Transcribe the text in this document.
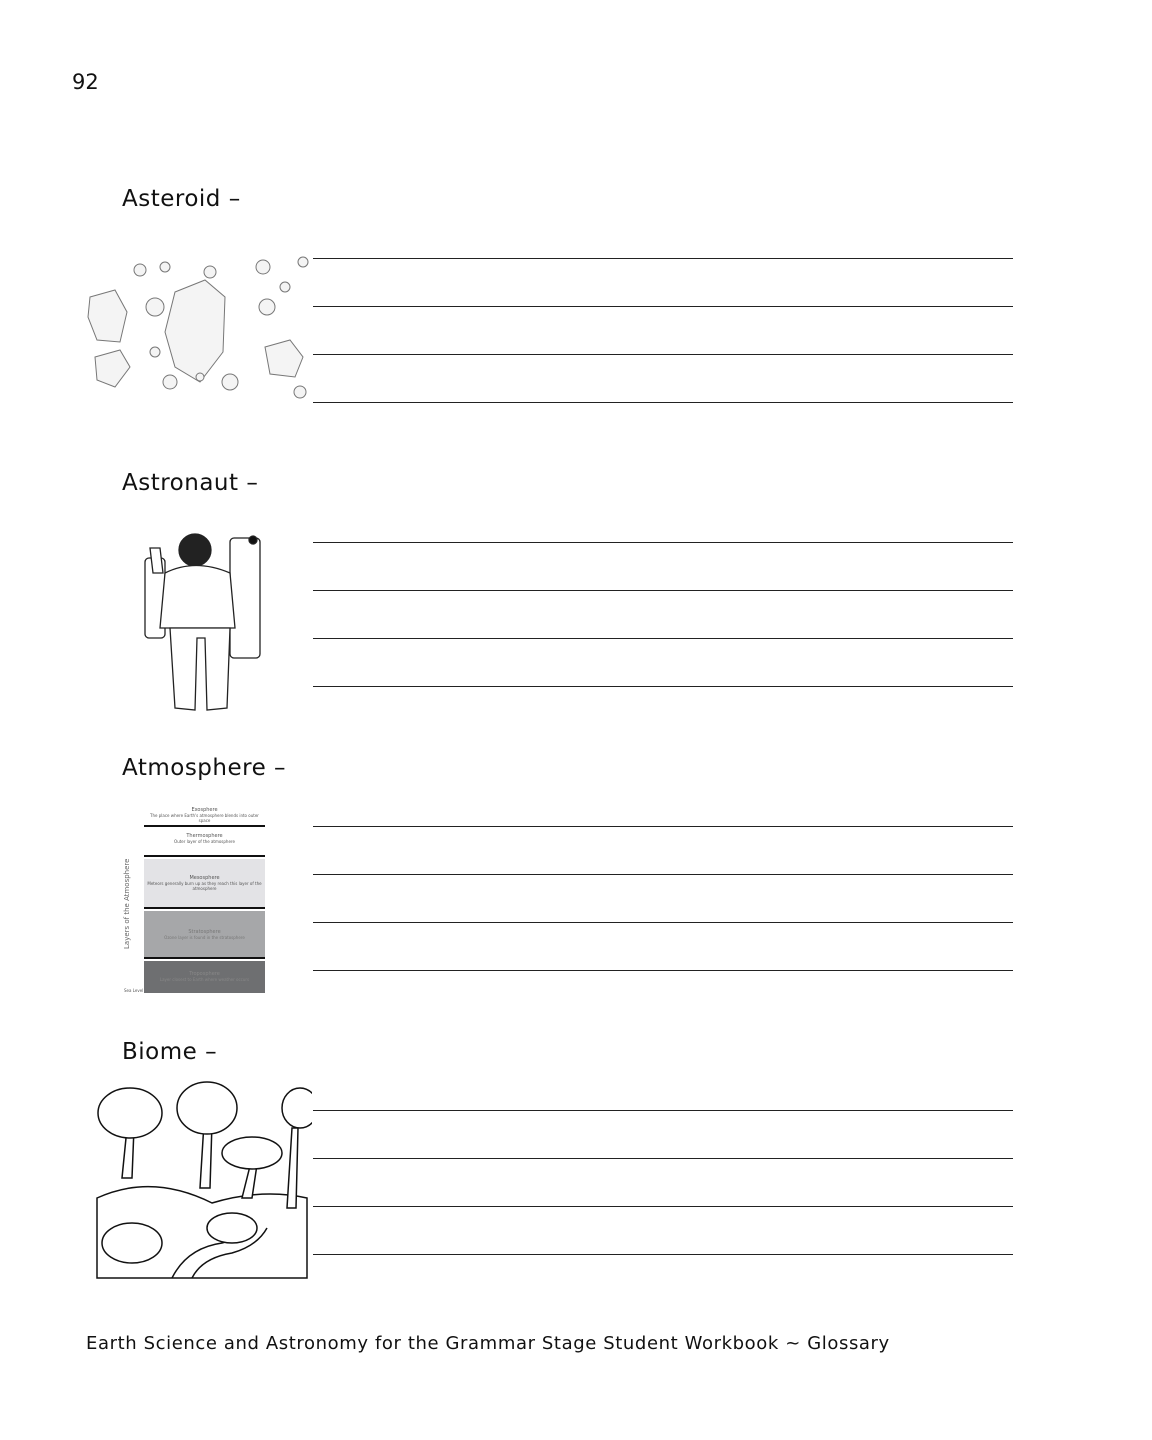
92
Asteroid –
Astronaut –
Atmosphere –
Layers of the Atmosphere
Exosphere
The place where Earth's atmosphere blends into outer space
Thermosphere
Outer layer of the atmosphere
Mesosphere
Meteors generally burn up as they reach this layer of the atmosphere
Stratosphere
Ozone layer is found in the stratosphere
Troposphere
Layer closest to Earth where weather occurs
Sea Level
Biome –
Earth Science and Astronomy for the Grammar Stage Student Workbook ~ Glossary
